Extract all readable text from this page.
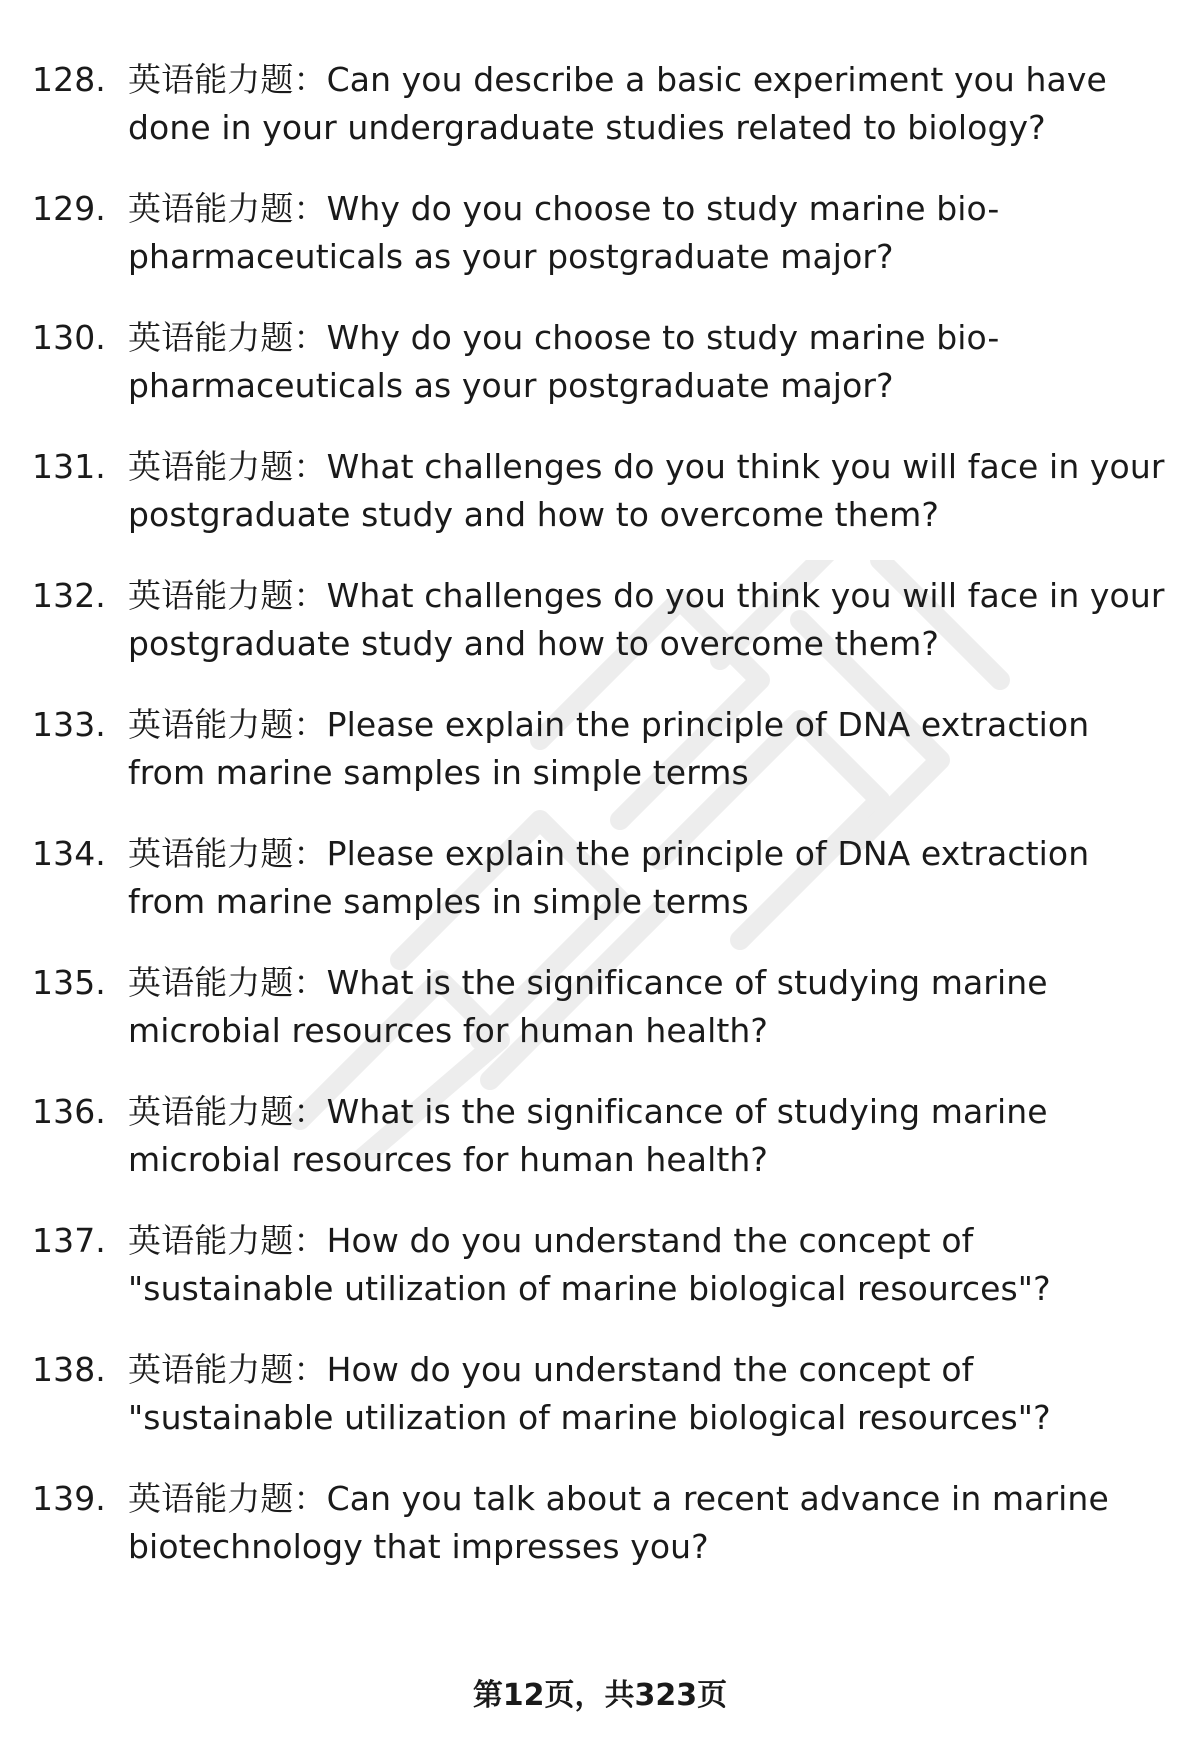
128. 英语能力题：Can you describe a basic experiment you have done in your undergraduate studies related to biology?
129. 英语能力题：Why do you choose to study marine bio-pharmaceuticals as your postgraduate major?
130. 英语能力题：Why do you choose to study marine bio-pharmaceuticals as your postgraduate major?
131. 英语能力题：What challenges do you think you will face in your postgraduate study and how to overcome them?
132. 英语能力题：What challenges do you think you will face in your postgraduate study and how to overcome them?
133. 英语能力题：Please explain the principle of DNA extraction from marine samples in simple terms
134. 英语能力题：Please explain the principle of DNA extraction from marine samples in simple terms
135. 英语能力题：What is the significance of studying marine microbial resources for human health?
136. 英语能力题：What is the significance of studying marine microbial resources for human health?
137. 英语能力题：How do you understand the concept of "sustainable utilization of marine biological resources"?
138. 英语能力题：How do you understand the concept of "sustainable utilization of marine biological resources"?
139. 英语能力题：Can you talk about a recent advance in marine biotechnology that impresses you?
第12页，共323页
